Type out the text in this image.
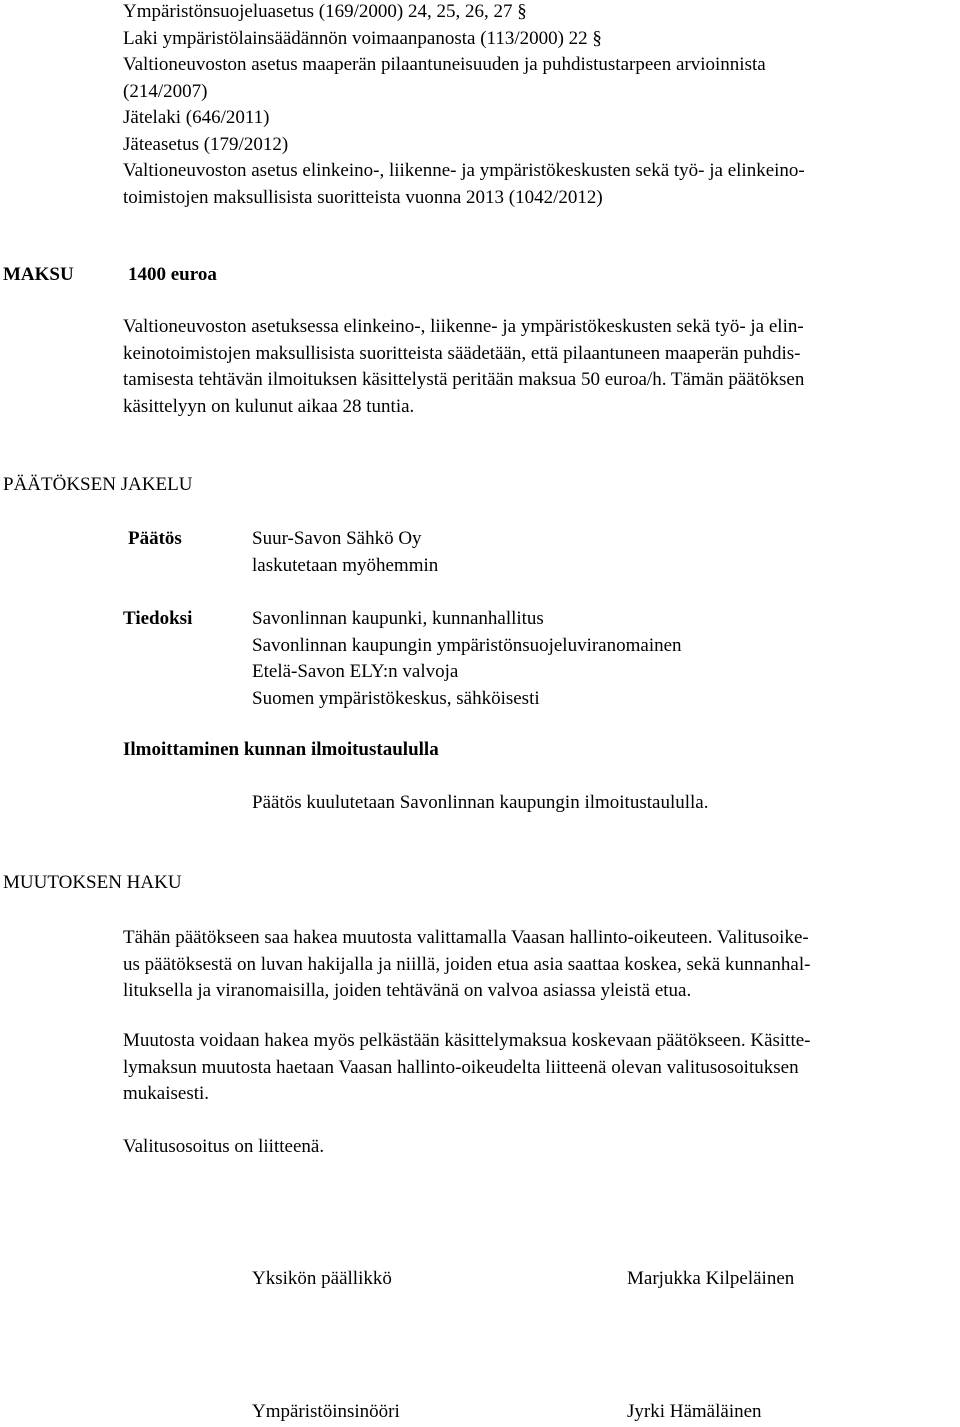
Ympäristönsuojeluasetus (169/2000) 24, 25, 26, 27 §
Laki ympäristölainsäädännön voimaanpanosta (113/2000) 22 §
Valtioneuvoston asetus maaperän pilaantuneisuuden ja puhdistustarpeen arvioinnista
(214/2007)
Jätelaki (646/2011)
Jäteasetus (179/2012)
Valtioneuvoston asetus elinkeino-, liikenne- ja ympäristökeskusten sekä työ- ja elinkeino-
toimistojen maksullisista suoritteista vuonna 2013 (1042/2012)
MAKSU	1400 euroa
Valtioneuvoston asetuksessa elinkeino-, liikenne- ja ympäristökeskusten sekä työ- ja elin-
keinotoimistojen maksullisista suoritteista säädetään, että pilaantuneen maaperän puhdis-
tamisesta tehtävän ilmoituksen käsittelystä peritään maksua 50 euroa/h. Tämän päätöksen
käsittelyyn on kulunut aikaa 28 tuntia.
PÄÄTÖKSEN JAKELU
Päätös	Suur-Savon Sähkö Oy
laskutetaan myöhemmin
Tiedoksi	Savonlinnan kaupunki, kunnanhallitus
Savonlinnan kaupungin ympäristönsuojeluviranomainen
Etelä-Savon ELY:n valvoja
Suomen ympäristökeskus, sähköisesti
Ilmoittaminen kunnan ilmoitustaululla
Päätös kuulutetaan Savonlinnan kaupungin ilmoitustaululla.
MUUTOKSEN HAKU
Tähän päätökseen saa hakea muutosta valittamalla Vaasan hallinto-oikeuteen. Valitusoike-
us päätöksestä on luvan hakijalla ja niillä, joiden etua asia saattaa koskea, sekä kunnanhal-
lituksella ja viranomaisilla, joiden tehtävänä on valvoa asiassa yleistä etua.
Muutosta voidaan hakea myös pelkästään käsittelymaksua koskevaan päätökseen. Käsitte-
lymaksun muutosta haetaan Vaasan hallinto-oikeudelta liitteenä olevan valitusosoituksen
mukaisesti.
Valitusosoitus on liitteenä.
Yksikön päällikkö	Marjukka Kilpeläinen
Ympäristöinsinööri	Jyrki Hämäläinen
